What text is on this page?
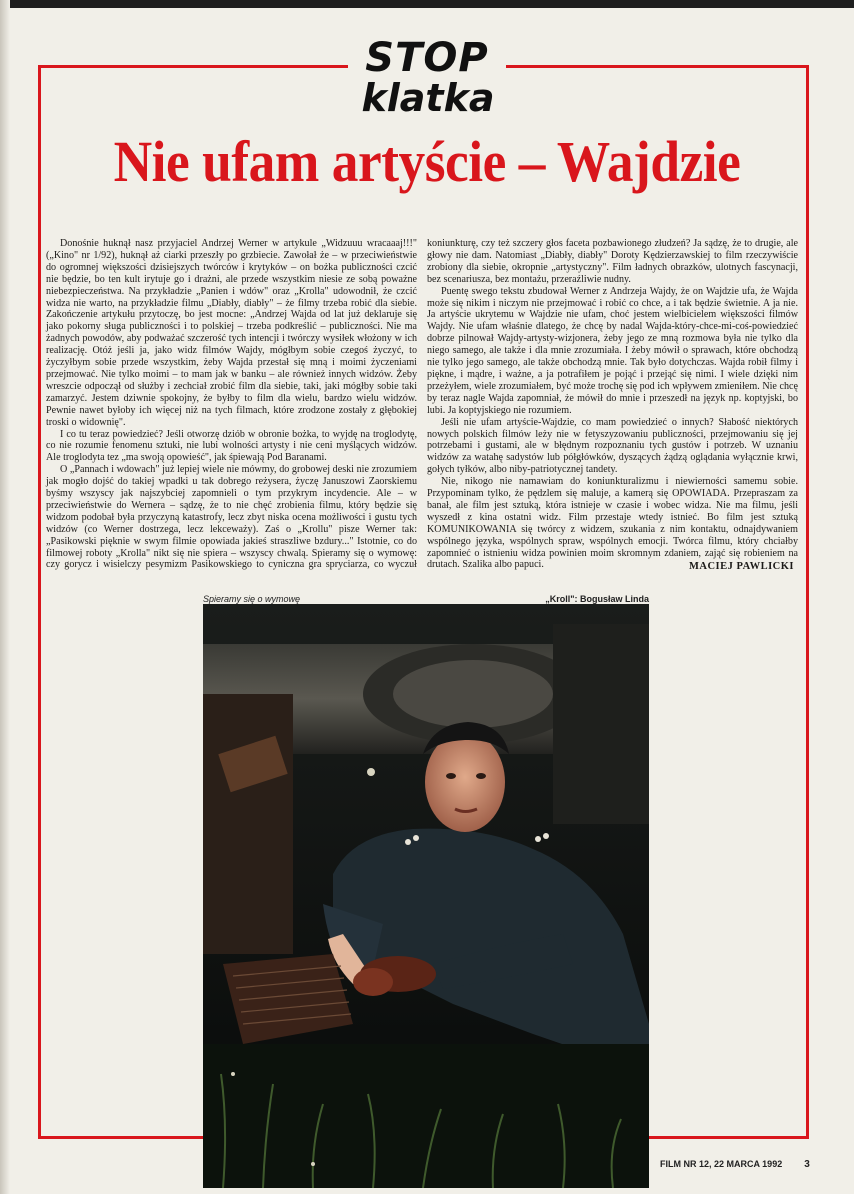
STOP
klatka
Nie ufam artyście – Wajdzie

Donośnie huknął nasz przyjaciel Andrzej Werner w artykule „Widzuuu wracaaaj!!!" („Kino" nr 1/92), huknął aż ciarki przeszły po grzbiecie. Zawołał że – w przeciwieństwie do ogromnej większości dzisiejszych twórców i krytyków – on bożka publiczności czcić nie będzie, bo ten kult irytuje go i drażni, ale przede wszystkim niesie ze sobą poważne niebezpieczeństwa. Na przykładzie „Panien i wdów" oraz „Krolla" udowodnił, że czcić widza nie warto, na przykładzie filmu „Diabły, diabły" – że filmy trzeba robić dla siebie. Zakończenie artykułu przytoczę, bo jest mocne: „Andrzej Wajda od lat już deklaruje się jako pokorny sługa publiczności i to polskiej – trzeba podkreślić – publiczności. Nie ma żadnych powodów, aby podważać szczerość tych intencji i twórczy wysiłek włożony w ich realizację. Otóż jeśli ja, jako widz filmów Wajdy, mógłbym sobie czegoś życzyć, to życzyłbym sobie przede wszystkim, żeby Wajda przestał się mną i moimi życzeniami przejmować. Nie tylko moimi – to mam jak w banku – ale również innych widzów. Żeby wreszcie odpoczął od służby i zechciał zrobić film dla siebie, taki, jaki mógłby sobie taki zamarzyć. Jestem dziwnie spokojny, że byłby to film dla wielu, bardzo wielu widzów. Pewnie nawet byłoby ich więcej niż na tych filmach, które zrodzone zostały z głębokiej troski o widownię".

I co tu teraz powiedzieć? Jeśli otworzę dziób w obronie bożka, to wyjdę na troglodytę, co nie rozumie fenomenu sztuki, nie lubi wolności artysty i nie ceni myślących widzów. Ale troglodyta tez „ma swoją opowieść", jak śpiewają Pod Baranami.

O „Pannach i wdowach" już lepiej wiele nie mówmy, do grobowej deski nie zrozumiem jak mogło dojść do takiej wpadki u tak dobrego reżysera, życzę Januszowi Zaorskiemu byśmy wszyscy jak najszybciej zapomnieli o tym przykrym incydencie. Ale – w przeciwieństwie do Wernera – sądzę, że to nie chęć zrobienia filmu, który będzie się widzom podobał była przyczyną katastrofy, lecz zbyt niska ocena możliwości i gustu tych widzów (co Werner dostrzega, lecz lekceważy). Zaś o „Krollu" pisze Werner tak: „Pasikowski pięknie w swym filmie opowiada jakieś straszliwe bzdury..." Istotnie, co do filmowej roboty „Krolla" nikt się nie spiera – wszyscy chwalą. Spieramy się o wymowę: czy gorycz i wisielczy pesymizm Pasikowskiego to cyniczna gra spryciarza, co wyczuł koniunkturę, czy też szczery głos faceta pozbawionego złudzeń? Ja sądzę, że to drugie, ale głowy nie dam. Natomiast „Diabły, diabły" Doroty Kędzierzawskiej to film rzeczywiście zrobiony dla siebie, okropnie „artystyczny". Film ładnych obrazków, ulotnych fascynacji, bez scenariusza, bez montażu, przeraźliwie nudny.

Puentę swego tekstu zbudował Werner z Andrzeja Wajdy, że on Wajdzie ufa, że Wajda może się nikim i niczym nie przejmować i robić co chce, a i tak będzie świetnie. A ja nie. Ja artyście ukrytemu w Wajdzie nie ufam, choć jestem wielbicielem większości filmów Wajdy. Nie ufam właśnie dlatego, że chcę by nadal Wajda-który-chce-mi-coś-powiedzieć dobrze pilnował Wajdy-artysty-wizjonera, żeby jego ze mną rozmowa była nie tylko dla niego samego, ale także i dla mnie zrozumiała. I żeby mówił o sprawach, które obchodzą nie tylko jego samego, ale także obchodzą mnie. Tak było dotychczas. Wajda robił filmy i piękne, i mądre, i ważne, a ja potrafiłem je pojąć i przejąć się nimi. I wiele dzięki nim przeżyłem, wiele zrozumiałem, być może trochę się pod ich wpływem zmieniłem. Nie chcę by teraz nagle Wajda zapomniał, że mówił do mnie i przeszedł na język np. koptyjski, bo lubi. Ja koptyjskiego nie rozumiem.

Jeśli nie ufam artyście-Wajdzie, co mam powiedzieć o innych? Słabość niektórych nowych polskich filmów leży nie w fetyszyzowaniu publiczności, przejmowaniu się jej potrzebami i gustami, ale w błędnym rozpoznaniu tych gustów i potrzeb. W uznaniu widzów za watahę sadystów lub półgłówków, dyszących żądzą oglądania wyłącznie krwi, gołych tyłków, albo niby-patriotycznej tandety.

Nie, nikogo nie namawiam do koniunkturalizmu i niewierności samemu sobie. Przypominam tylko, że pędzlem się maluje, a kamerą się OPOWIADA. Przepraszam za banał, ale film jest sztuką, która istnieje w czasie i wobec widza. Nie ma filmu, jeśli wyszedł z kina ostatni widz. Film przestaje wtedy istnieć. Bo film jest sztuką KOMUNIKOWANIA się twórcy z widzem, szukania z nim kontaktu, odnajdywaniem wspólnego języka, wspólnych spraw, wspólnych emocji. Twórca filmu, który chciałby zapomnieć o istnieniu widza powinien moim skromnym zdaniem, zająć się robieniem na drutach. Szalika albo papuci.	MACIEJ PAWLICKI
Spieramy się o wymowę	„Kroll": Bogusław Linda
FILM NR 12, 22 MARCA 1992 3
